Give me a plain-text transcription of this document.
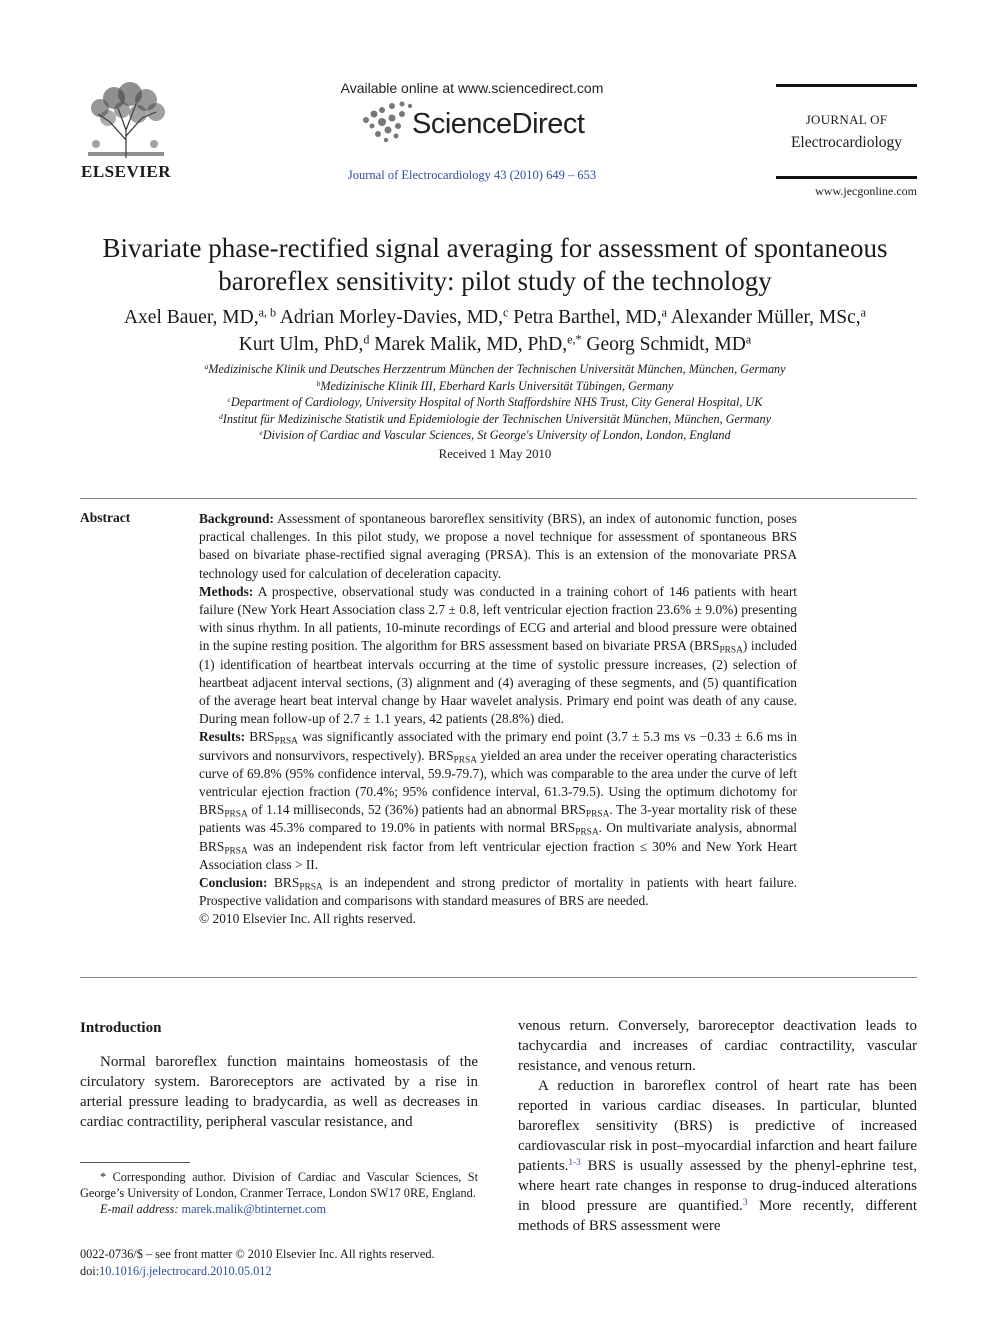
ELSEVIER
Available online at www.sciencedirect.com
ScienceDirect
Journal of Electrocardiology 43 (2010) 649 – 653
JOURNAL OF
Electrocardiology
www.jecgonline.com
Bivariate phase-rectified signal averaging for assessment of spontaneous
baroreflex sensitivity: pilot study of the technology
Axel Bauer, MD,$^{a, b}$ Adrian Morley-Davies, MD,$^c$ Petra Barthel, MD,$^a$ Alexander Müller, MSc,$^a$
Kurt Ulm, PhD,$^d$ Marek Malik, MD, PhD,$^{e,*}$ Georg Schmidt, $MD^a$
$^a$Medizinische Klinik und Deutsches Herzzentrum München der Technischen Universität München, München, Germany
$^b$Medizinische Klinik III, Eberhard Karls Universität Tübingen, Germany
$^c$Department of Cardiology, University Hospital of North Staffordshire NHS Trust, City General Hospital, UK
$^d$Institut für Medizinische Statistik und Epidemiologie der Technischen Universität München, München, Germany
$^e$Division of Cardiac and Vascular Sciences, St George's University of London, London, England
Received 1 May 2010
Abstract	Background: Assessment of spontaneous baroreflex sensitivity (BRS), an index of autonomic function, poses practical challenges. In this pilot study, we propose a novel technique for assessment of spontaneous BRS based on bivariate phase-rectified signal averaging (PRSA). This is an extension of the monovariate PRSA technology used for calculation of deceleration capacity.

Methods: A prospective, observational study was conducted in a training cohort of 146 patients with heart failure (New York Heart Association class 2.7 ± 0.8, left ventricular ejection fraction 23.6% ± 9.0%) presenting with sinus rhythm. In all patients, 10-minute recordings of ECG and arterial and blood pressure were obtained in the supine resting position. The algorithm for BRS assessment based on bivariate PRSA $(BRS_{PRSA})$ included (1) identification of heartbeat intervals occurring at the time of systolic pressure increases, (2) selection of heartbeat adjacent interval sections, (3) alignment and (4) averaging of these segments, and (5) quantification of the average heart beat interval change by Haar wavelet analysis. Primary end point was death of any cause. During mean follow-up of 2.7 ± 1.1 years, 42 patients (28.8%) died.

Results: $BRS_{PRSA}$ was significantly associated with the primary end point (3.7 ± 5.3 ms vs −0.33 ± 6.6 ms in survivors and nonsurvivors, respectively). $BRS_{PRSA}$ yielded an area under the receiver operating characteristics curve of 69.8% (95% confidence interval, 59.9-79.7), which was comparable to the area under the curve of left ventricular ejection fraction (70.4%; 95% confidence interval, 61.3-79.5). Using the optimum dichotomy for $BRS_{PRSA}$ of 1.14 milliseconds, 52 (36%) patients had an abnormal $BRS_{PRSA}$. The 3-year mortality risk of these patients was 45.3% compared to 19.0% in patients with normal $BRS_{PRSA}$. On multivariate analysis, abnormal $BRS_{PRSA}$ was an independent risk factor from left ventricular ejection fraction ≤ 30% and New York Heart Association class > II.

Conclusion: $BRS_{PRSA}$ is an independent and strong predictor of mortality in patients with heart failure. Prospective validation and comparisons with standard measures of BRS are needed.

© 2010 Elsevier Inc. All rights reserved.

Introduction

Normal baroreflex function maintains homeostasis of the circulatory system. Baroreceptors are activated by a rise in arterial pressure leading to bradycardia, as well as decreases in cardiac contractility, peripheral vascular resistance, and

* Corresponding author. Division of Cardiac and Vascular Sciences, St George’s University of London, Cranmer Terrace, London SW17 0RE, England.

E-mail address: marek.malik@btinternet.com

0022-0736/$ – see front matter © 2010 Elsevier Inc. All rights reserved.
doi:10.1016/j.jelectrocard.2010.05.012

venous return. Conversely, baroreceptor deactivation leads to tachycardia and increases of cardiac contractility, vascular resistance, and venous return.

A reduction in baroreflex control of heart rate has been reported in various cardiac diseases. In particular, blunted baroreflex sensitivity (BRS) is predictive of increased cardiovascular risk in post–myocardial infarction and heart failure patients.$^{1-3}$ BRS is usually assessed by the phenyl-ephrine test, where heart rate changes in response to drug-induced alterations in blood pressure are quantified.$^3$ More recently, different methods of BRS assessment were
